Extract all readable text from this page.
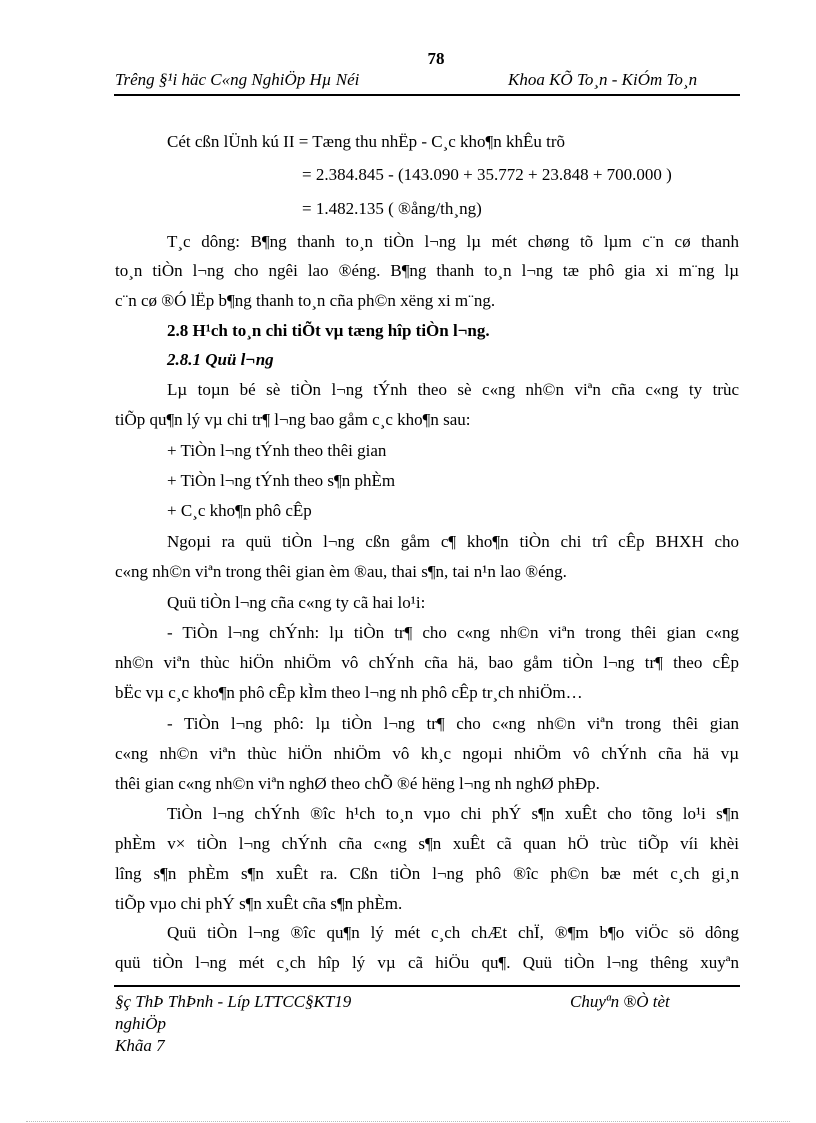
78
Trêng §¹i häc C«ng NghiÖp Hµ Néi	Khoa KÕ To¸n - KiÓm To¸n
Cét cßn lÜnh kú II = Tæng thu nhËp - C¸c kho¶n khÊu trõ
= 2.384.845 - (143.090 + 35.772 + 23.848 + 700.000 )
= 1.482.135 ( ®ång/th¸ng)
T¸c dông: B¶ng thanh to¸n tiÒn l¬ng lµ mét chøng tõ lµm c¨n cø thanh
to¸n tiÒn l¬ng cho ngêi lao ®éng. B¶ng thanh to¸n l¬ng tæ phô gia xi m¨ng lµ
c¨n cø ®Ó lËp b¶ng thanh to¸n cña ph©n xëng xi m¨ng.
2.8 H¹ch to¸n chi tiÕt vµ tæng hîp tiÒn l¬ng.
2.8.1 Quü l¬ng
Lµ toµn bé sè tiÒn l¬ng tÝnh theo sè c«ng nh©n viªn cña c«ng ty trùc
tiÕp qu¶n lý vµ chi tr¶ l¬ng bao gåm c¸c kho¶n sau:
+ TiÒn l¬ng tÝnh theo thêi gian
+ TiÒn l¬ng tÝnh theo s¶n phÈm
+ C¸c kho¶n phô cÊp
Ngoµi ra quü tiÒn l¬ng cßn gåm c¶ kho¶n tiÒn chi trî cÊp BHXH cho
c«ng nh©n viªn trong thêi gian èm ®au, thai s¶n, tai n¹n lao ®éng.
Quü tiÒn l¬ng cña c«ng ty cã hai lo¹i:
- TiÒn l¬ng chÝnh: lµ tiÒn tr¶ cho c«ng nh©n viªn trong thêi gian c«ng
nh©n viªn thùc hiÖn nhiÖm vô chÝnh cña hä, bao gåm tiÒn l¬ng tr¶ theo cÊp
bËc vµ c¸c kho¶n phô cÊp kÌm theo l¬ng nh phô cÊp tr¸ch nhiÖm…
- TiÒn l¬ng phô: lµ tiÒn l¬ng tr¶ cho c«ng nh©n viªn trong thêi gian
c«ng nh©n viªn thùc hiÖn nhiÖm vô kh¸c ngoµi nhiÖm vô chÝnh cña hä vµ
thêi gian c«ng nh©n viªn nghØ theo chÕ ®é hëng l¬ng nh nghØ phÐp.
TiÒn l¬ng chÝnh ®îc h¹ch to¸n vµo chi phÝ s¶n xuÊt cho tõng lo¹i s¶n
phÈm v× tiÒn l¬ng chÝnh cña c«ng s¶n xuÊt cã quan hÖ trùc tiÕp víi khèi
lîng s¶n phÈm s¶n xuÊt ra. Cßn tiÒn l¬ng phô ®îc ph©n bæ mét c¸ch gi¸n
tiÕp vµo chi phÝ s¶n xuÊt cña s¶n phÈm.
Quü tiÒn l¬ng ®îc qu¶n lý mét c¸ch chÆt chÏ, ®¶m b¶o viÖc sö dông
quü tiÒn l¬ng mét c¸ch hîp lý vµ cã hiÖu qu¶. Quü tiÒn l¬ng thêng xuyªn
§ç ThÞ ThÞnh - Líp LTTCC§KT19	Chuyªn ®Ò tèt
nghiÖp
Khãa 7
